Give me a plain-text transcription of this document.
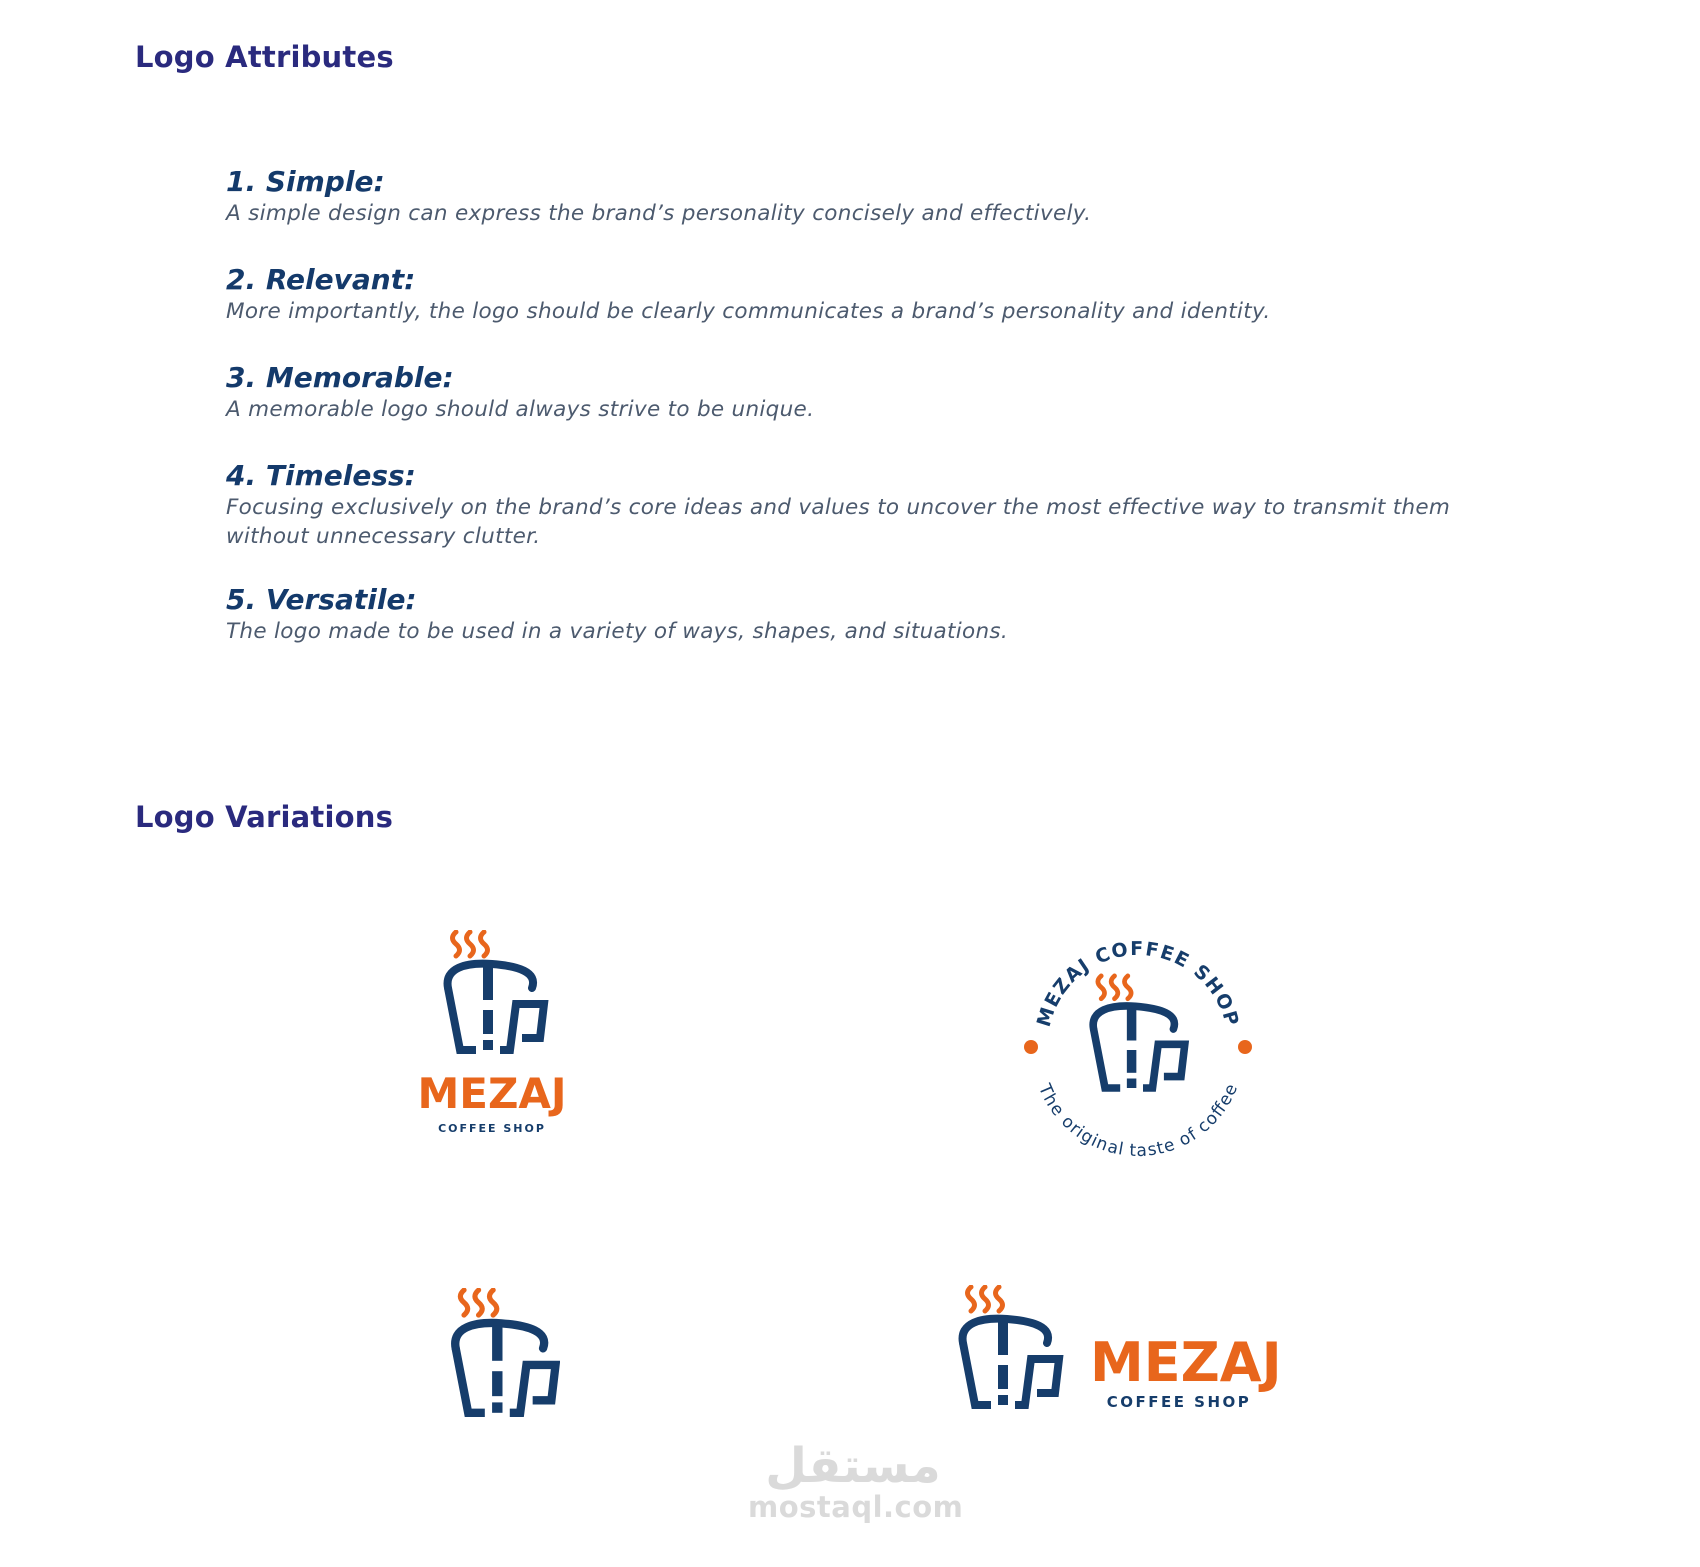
Logo Attributes

1. Simple:

A simple design can express the brand’s personality concisely and effectively.

2. Relevant:

More importantly, the logo should be clearly communicates a brand’s personality and identity.

3. Memorable:

A memorable logo should always strive to be unique.

4. Timeless:

Focusing exclusively on the brand’s core ideas and values to uncover the most effective way to transmit them without unnecessary clutter.

5. Versatile:

The logo made to be used in a variety of ways, shapes, and situations.

Logo Variations
MEZAJ
COFFEE SHOP
MEZAJ COFFEE SHOP
The original taste of coffee
MEZAJ
COFFEE SHOP
مستقل
mostaql.com
